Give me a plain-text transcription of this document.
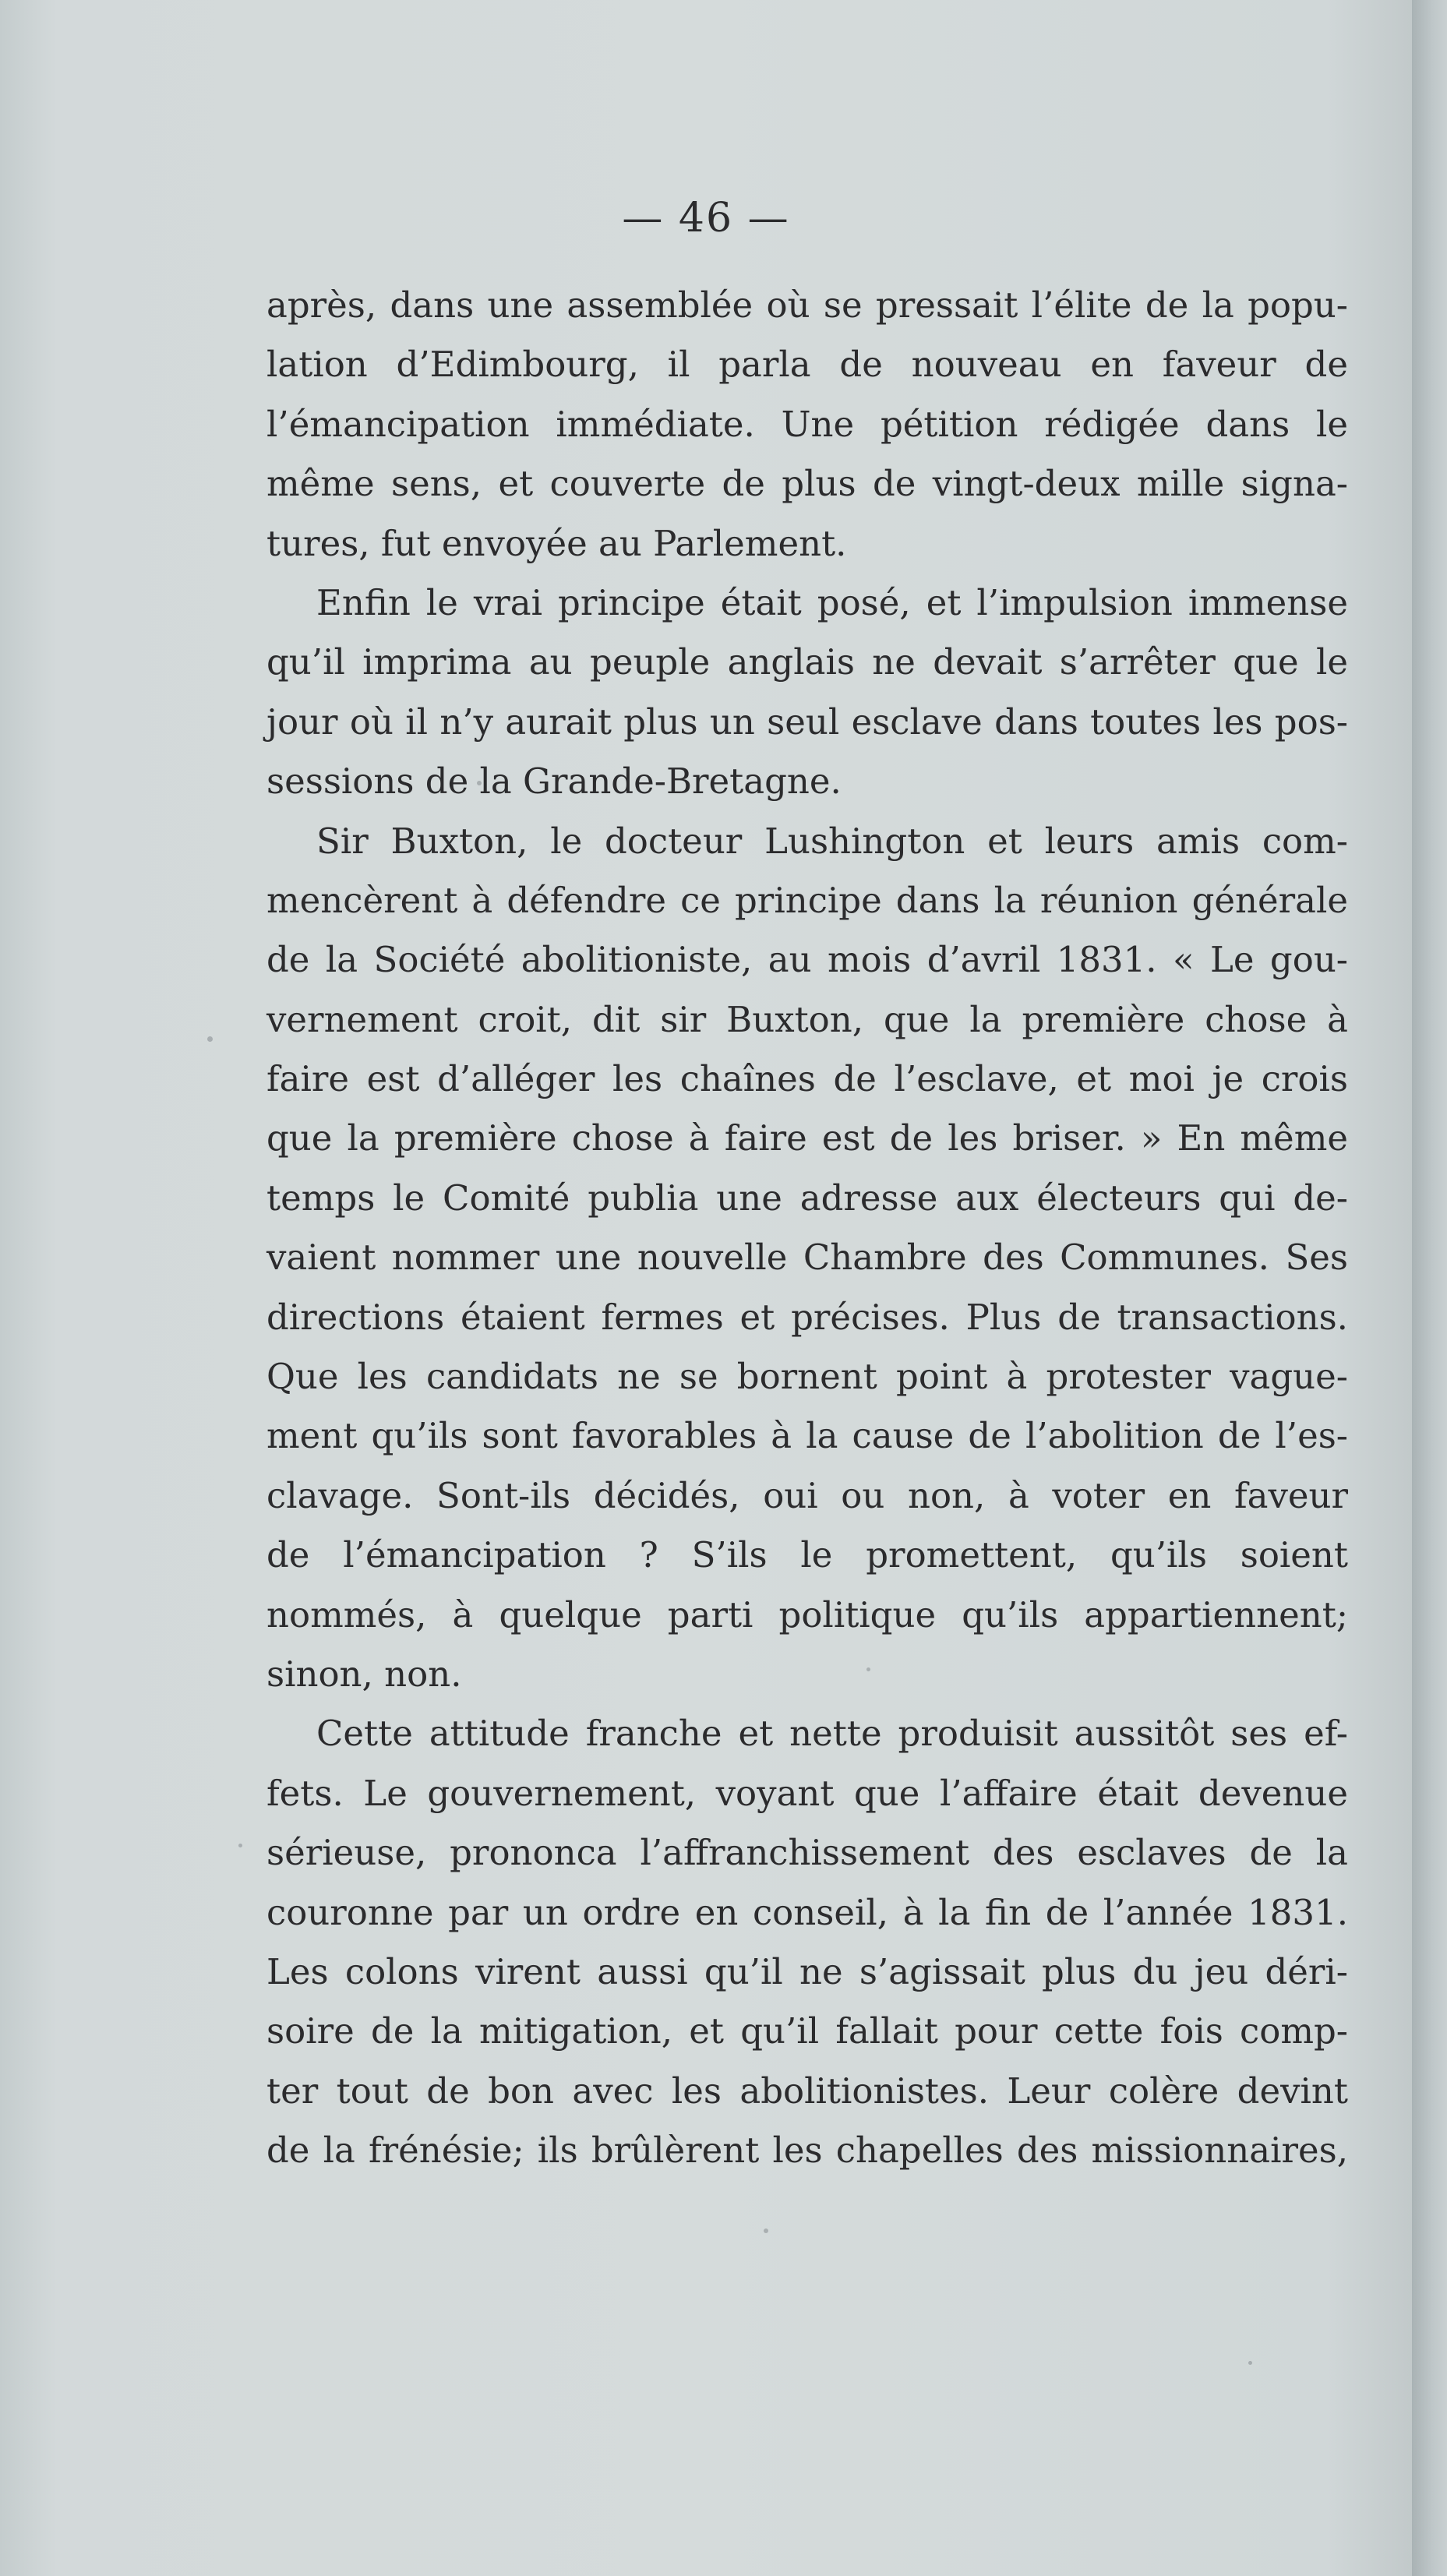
— 46 —
après, dans une assemblée où se pressait l’élite de la popu-
lation d’Edimbourg, il parla de nouveau en faveur de
l’émancipation immédiate. Une pétition rédigée dans le
même sens, et couverte de plus de vingt-deux mille signa-
tures, fut envoyée au Parlement.
Enfin le vrai principe était posé, et l’impulsion immense
qu’il imprima au peuple anglais ne devait s’arrêter que le
jour où il n’y aurait plus un seul esclave dans toutes les pos-
sessions de la Grande-Bretagne.
Sir Buxton, le docteur Lushington et leurs amis com-
mencèrent à défendre ce principe dans la réunion générale
de la Société abolitioniste, au mois d’avril 1831. « Le gou-
vernement croit, dit sir Buxton, que la première chose à
faire est d’alléger les chaînes de l’esclave, et moi je crois
que la première chose à faire est de les briser. » En même
temps le Comité publia une adresse aux électeurs qui de-
vaient nommer une nouvelle Chambre des Communes. Ses
directions étaient fermes et précises. Plus de transactions.
Que les candidats ne se bornent point à protester vague-
ment qu’ils sont favorables à la cause de l’abolition de l’es-
clavage. Sont-ils décidés, oui ou non, à voter en faveur
de l’émancipation ? S’ils le promettent, qu’ils soient
nommés, à quelque parti politique qu’ils appartiennent;
sinon, non.
Cette attitude franche et nette produisit aussitôt ses ef-
fets. Le gouvernement, voyant que l’affaire était devenue
sérieuse, prononca l’affranchissement des esclaves de la
couronne par un ordre en conseil, à la fin de l’année 1831.
Les colons virent aussi qu’il ne s’agissait plus du jeu déri-
soire de la mitigation, et qu’il fallait pour cette fois comp-
ter tout de bon avec les abolitionistes. Leur colère devint
de la frénésie; ils brûlèrent les chapelles des missionnaires,
